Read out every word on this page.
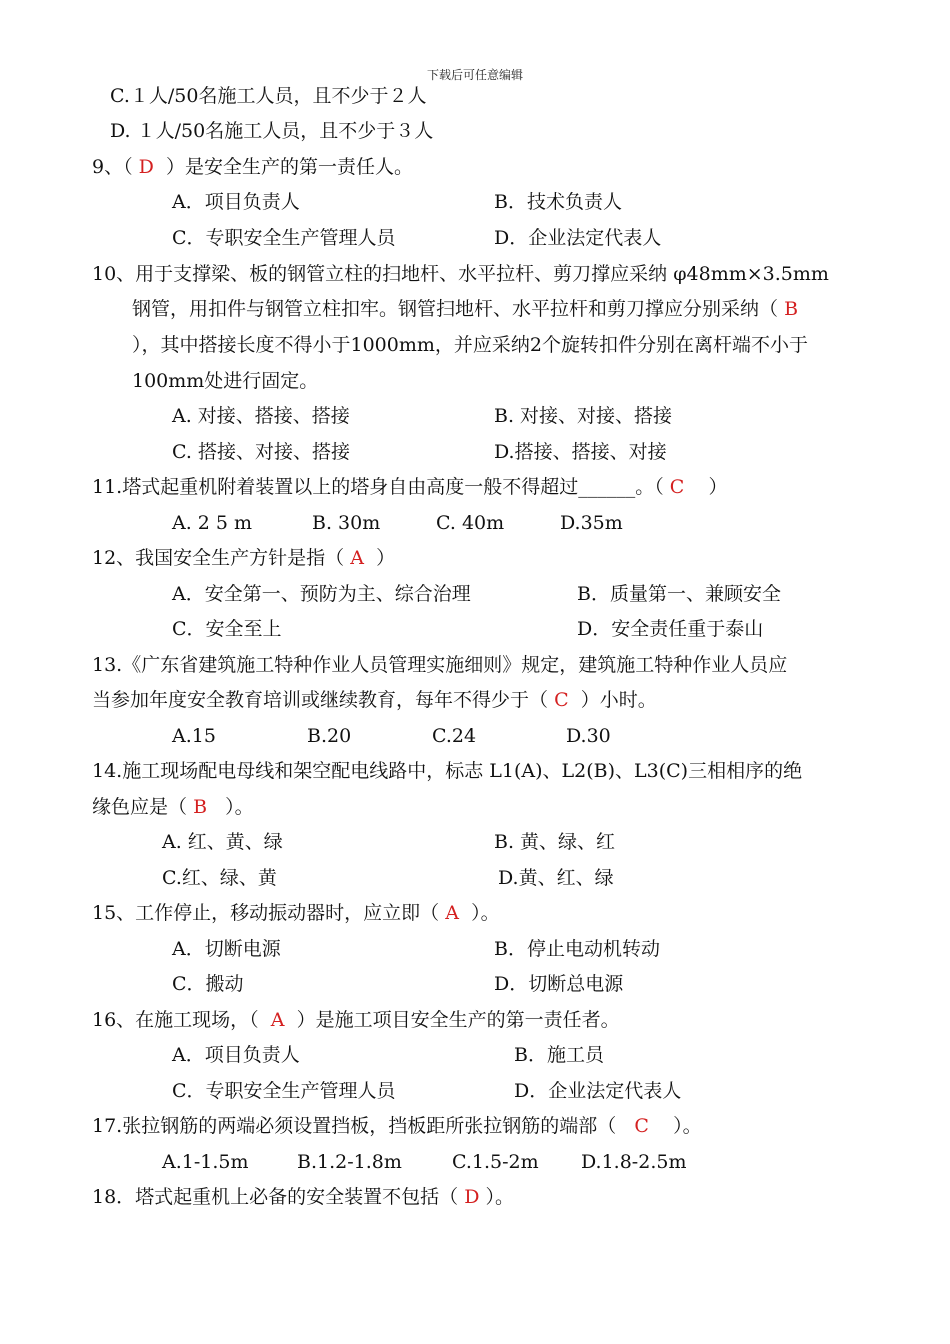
下载后可任意编辑
C.１人/50名施工人员，且不少于２人
D. １人/50名施工人员，且不少于３人
9、（ D ）是安全生产的第一责任人。
A．项目负责人	B．技术负责人
C．专职安全生产管理人员	D．企业法定代表人
10、用于支撑梁、板的钢管立柱的扫地杆、水平拉杆、剪刀撑应采纳 φ48mm×3.5mm
钢管，用扣件与钢管立柱扣牢。钢管扫地杆、水平拉杆和剪刀撑应分别采纳（ B
），其中搭接长度不得小于1000mm，并应采纳2个旋转扣件分别在离杆端不小于
100mm处进行固定。
A. 对接、搭接、搭接	B. 对接、对接、搭接
C. 搭接、对接、搭接	D.搭接、搭接、对接
11.塔式起重机附着装置以上的塔身自由高度一般不得超过______。（ C ）
A. 2 5 m	B. 30m	C. 40m	D.35m
12、我国安全生产方针是指（ A ）
A．安全第一、预防为主、综合治理	B．质量第一、兼顾安全
C．安全至上	D．安全责任重于泰山
13.《广东省建筑施工特种作业人员管理实施细则》规定，建筑施工特种作业人员应
当参加年度安全教育培训或继续教育，每年不得少于（ C ）小时。
A.15	B.20	C.24	D.30
14.施工现场配电母线和架空配电线路中，标志 L1(A)、L2(B)、L3(C)三相相序的绝
缘色应是（ B ）。
A. 红、黄、绿	B. 黄、绿、红
C.红、绿、黄	D.黄、红、绿
15、工作停止，移动振动器时，应立即（ A ）。
A．切断电源	B．停止电动机转动
C．搬动	D．切断总电源
16、在施工现场，（ A ）是施工项目安全生产的第一责任者。
A．项目负责人	B．施工员
C．专职安全生产管理人员	D．企业法定代表人
17.张拉钢筋的两端必须设置挡板，挡板距所张拉钢筋的端部（ C ）。
A.1-1.5m	B.1.2-1.8m	C.1.5-2m D.1.8-2.5m
18．塔式起重机上必备的安全装置不包括（ D ）。
